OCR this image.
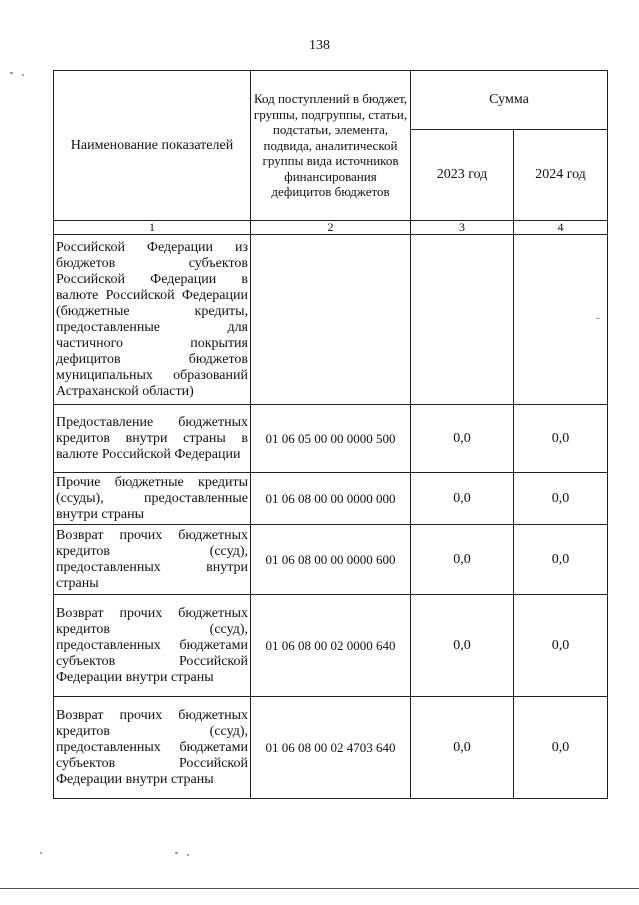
138
Наименование показателей	Код поступлений в бюджет, группы, подгруппы, статьи, подстатьи, элемента, подвида, аналитической группы вида источников финансирования дефицитов бюджетов	Сумма	
		2023 год	2024 год
1	2	3	4
Российской Федерации из бюджетов субъектов Российской Федерации в валюте Российской Федерации (бюджетные кредиты, предоставленные для частичного покрытия дефицитов бюджетов муниципальных образований Астраханской области)			
Предоставление бюджетных кредитов внутри страны в валюте Российской Федерации	01 06 05 00 00 0000 500	0,0	0,0
Прочие бюджетные кредиты (ссуды), предоставленные внутри страны	01 06 08 00 00 0000 000	0,0	0,0
Возврат прочих бюджетных кредитов (ссуд), предоставленных внутри страны	01 06 08 00 00 0000 600	0,0	0,0
Возврат прочих бюджетных кредитов (ссуд), предоставленных бюджетами субъектов Российской Федерации внутри страны	01 06 08 00 02 0000 640	0,0	0,0
Возврат прочих бюджетных кредитов (ссуд), предоставленных бюджетами субъектов Российской Федерации внутри страны	01 06 08 00 02 4703 640	0,0	0,0
